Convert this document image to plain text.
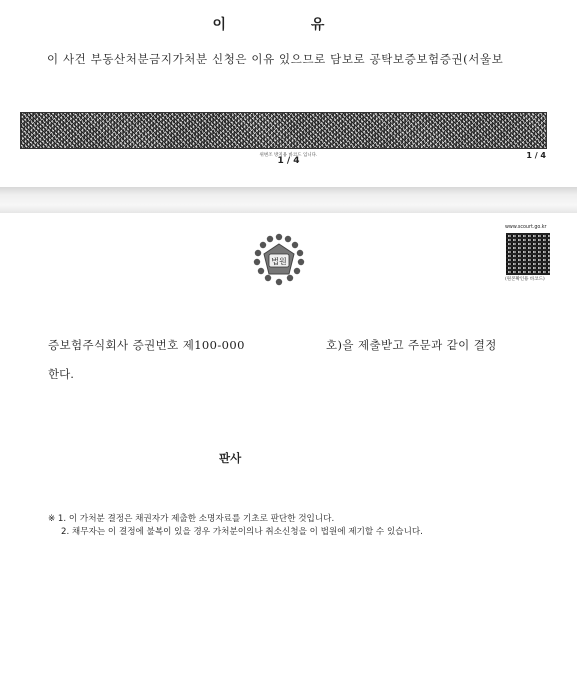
이 유
이 사건 부동산처분금지가처분 신청은 이유 있으므로 담보로 공탁보증보험증권(서울보
위변조 방지용 바코드 입니다.
1 / 4
1 / 4
법원
www.scourt.go.kr
(원본확인용 바코드)
증보험주식회사 증권번호 제100-000	호)을 제출받고 주문과 같이 결정
한다.
판사
※ 1. 이 가처분 결정은 채권자가 제출한 소명자료를 기초로 판단한 것입니다.
2. 채무자는 이 결정에 불복이 있을 경우 가처분이의나 취소신청을 이 법원에 제기할 수 있습니다.
